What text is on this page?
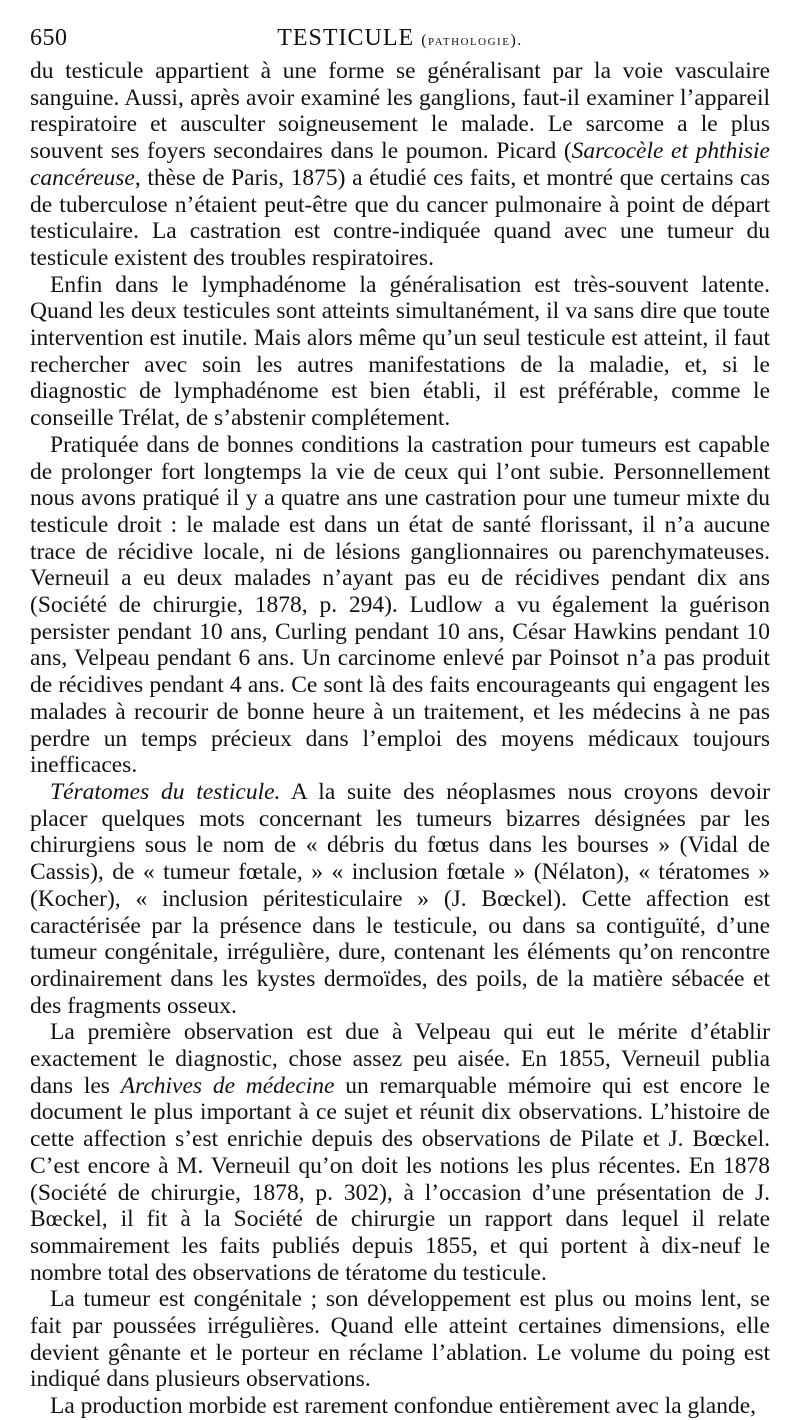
650	TESTICULE (pathologie).

du testicule appartient à une forme se généralisant par la voie vasculaire sanguine. Aussi, après avoir examiné les ganglions, faut-il examiner l’appareil respiratoire et ausculter soigneusement le malade. Le sarcome a le plus souvent ses foyers secondaires dans le poumon. Picard (Sarcocèle et phthisie cancéreuse, thèse de Paris, 1875) a étudié ces faits, et montré que certains cas de tuberculose n’étaient peut-être que du cancer pulmonaire à point de départ testiculaire. La castration est contre-indiquée quand avec une tumeur du testicule existent des troubles respiratoires.

Enfin dans le lymphadénome la généralisation est très-souvent latente. Quand les deux testicules sont atteints simultanément, il va sans dire que toute intervention est inutile. Mais alors même qu’un seul testicule est atteint, il faut rechercher avec soin les autres manifestations de la maladie, et, si le diagnostic de lymphadénome est bien établi, il est préférable, comme le conseille Trélat, de s’abstenir complétement.

Pratiquée dans de bonnes conditions la castration pour tumeurs est capable de prolonger fort longtemps la vie de ceux qui l’ont subie. Personnellement nous avons pratiqué il y a quatre ans une castration pour une tumeur mixte du testicule droit : le malade est dans un état de santé florissant, il n’a aucune trace de récidive locale, ni de lésions ganglionnaires ou parenchymateuses. Verneuil a eu deux malades n’ayant pas eu de récidives pendant dix ans (Société de chirurgie, 1878, p. 294). Ludlow a vu également la guérison persister pendant 10 ans, Curling pendant 10 ans, César Hawkins pendant 10 ans, Velpeau pendant 6 ans. Un carcinome enlevé par Poinsot n’a pas produit de récidives pendant 4 ans. Ce sont là des faits encourageants qui engagent les malades à recourir de bonne heure à un traitement, et les médecins à ne pas perdre un temps précieux dans l’emploi des moyens médicaux toujours inefficaces.

Tératomes du testicule. A la suite des néoplasmes nous croyons devoir placer quelques mots concernant les tumeurs bizarres désignées par les chirurgiens sous le nom de « débris du fœtus dans les bourses » (Vidal de Cassis), de « tumeur fœtale, » « inclusion fœtale » (Nélaton), « tératomes » (Kocher), « inclusion péritesticulaire » (J. Bœckel). Cette affection est caractérisée par la présence dans le testicule, ou dans sa contiguïté, d’une tumeur congénitale, irrégulière, dure, contenant les éléments qu’on rencontre ordinairement dans les kystes dermoïdes, des poils, de la matière sébacée et des fragments osseux.

La première observation est due à Velpeau qui eut le mérite d’établir exactement le diagnostic, chose assez peu aisée. En 1855, Verneuil publia dans les Archives de médecine un remarquable mémoire qui est encore le document le plus important à ce sujet et réunit dix observations. L’histoire de cette affection s’est enrichie depuis des observations de Pilate et J. Bœckel. C’est encore à M. Verneuil qu’on doit les notions les plus récentes. En 1878 (Société de chirurgie, 1878, p. 302), à l’occasion d’une présentation de J. Bœckel, il fit à la Société de chirurgie un rapport dans lequel il relate sommairement les faits publiés depuis 1855, et qui portent à dix-neuf le nombre total des observations de tératome du testicule.

La tumeur est congénitale ; son développement est plus ou moins lent, se fait par poussées irrégulières. Quand elle atteint certaines dimensions, elle devient gênante et le porteur en réclame l’ablation. Le volume du poing est indiqué dans plusieurs observations.

La production morbide est rarement confondue entièrement avec la glande,
